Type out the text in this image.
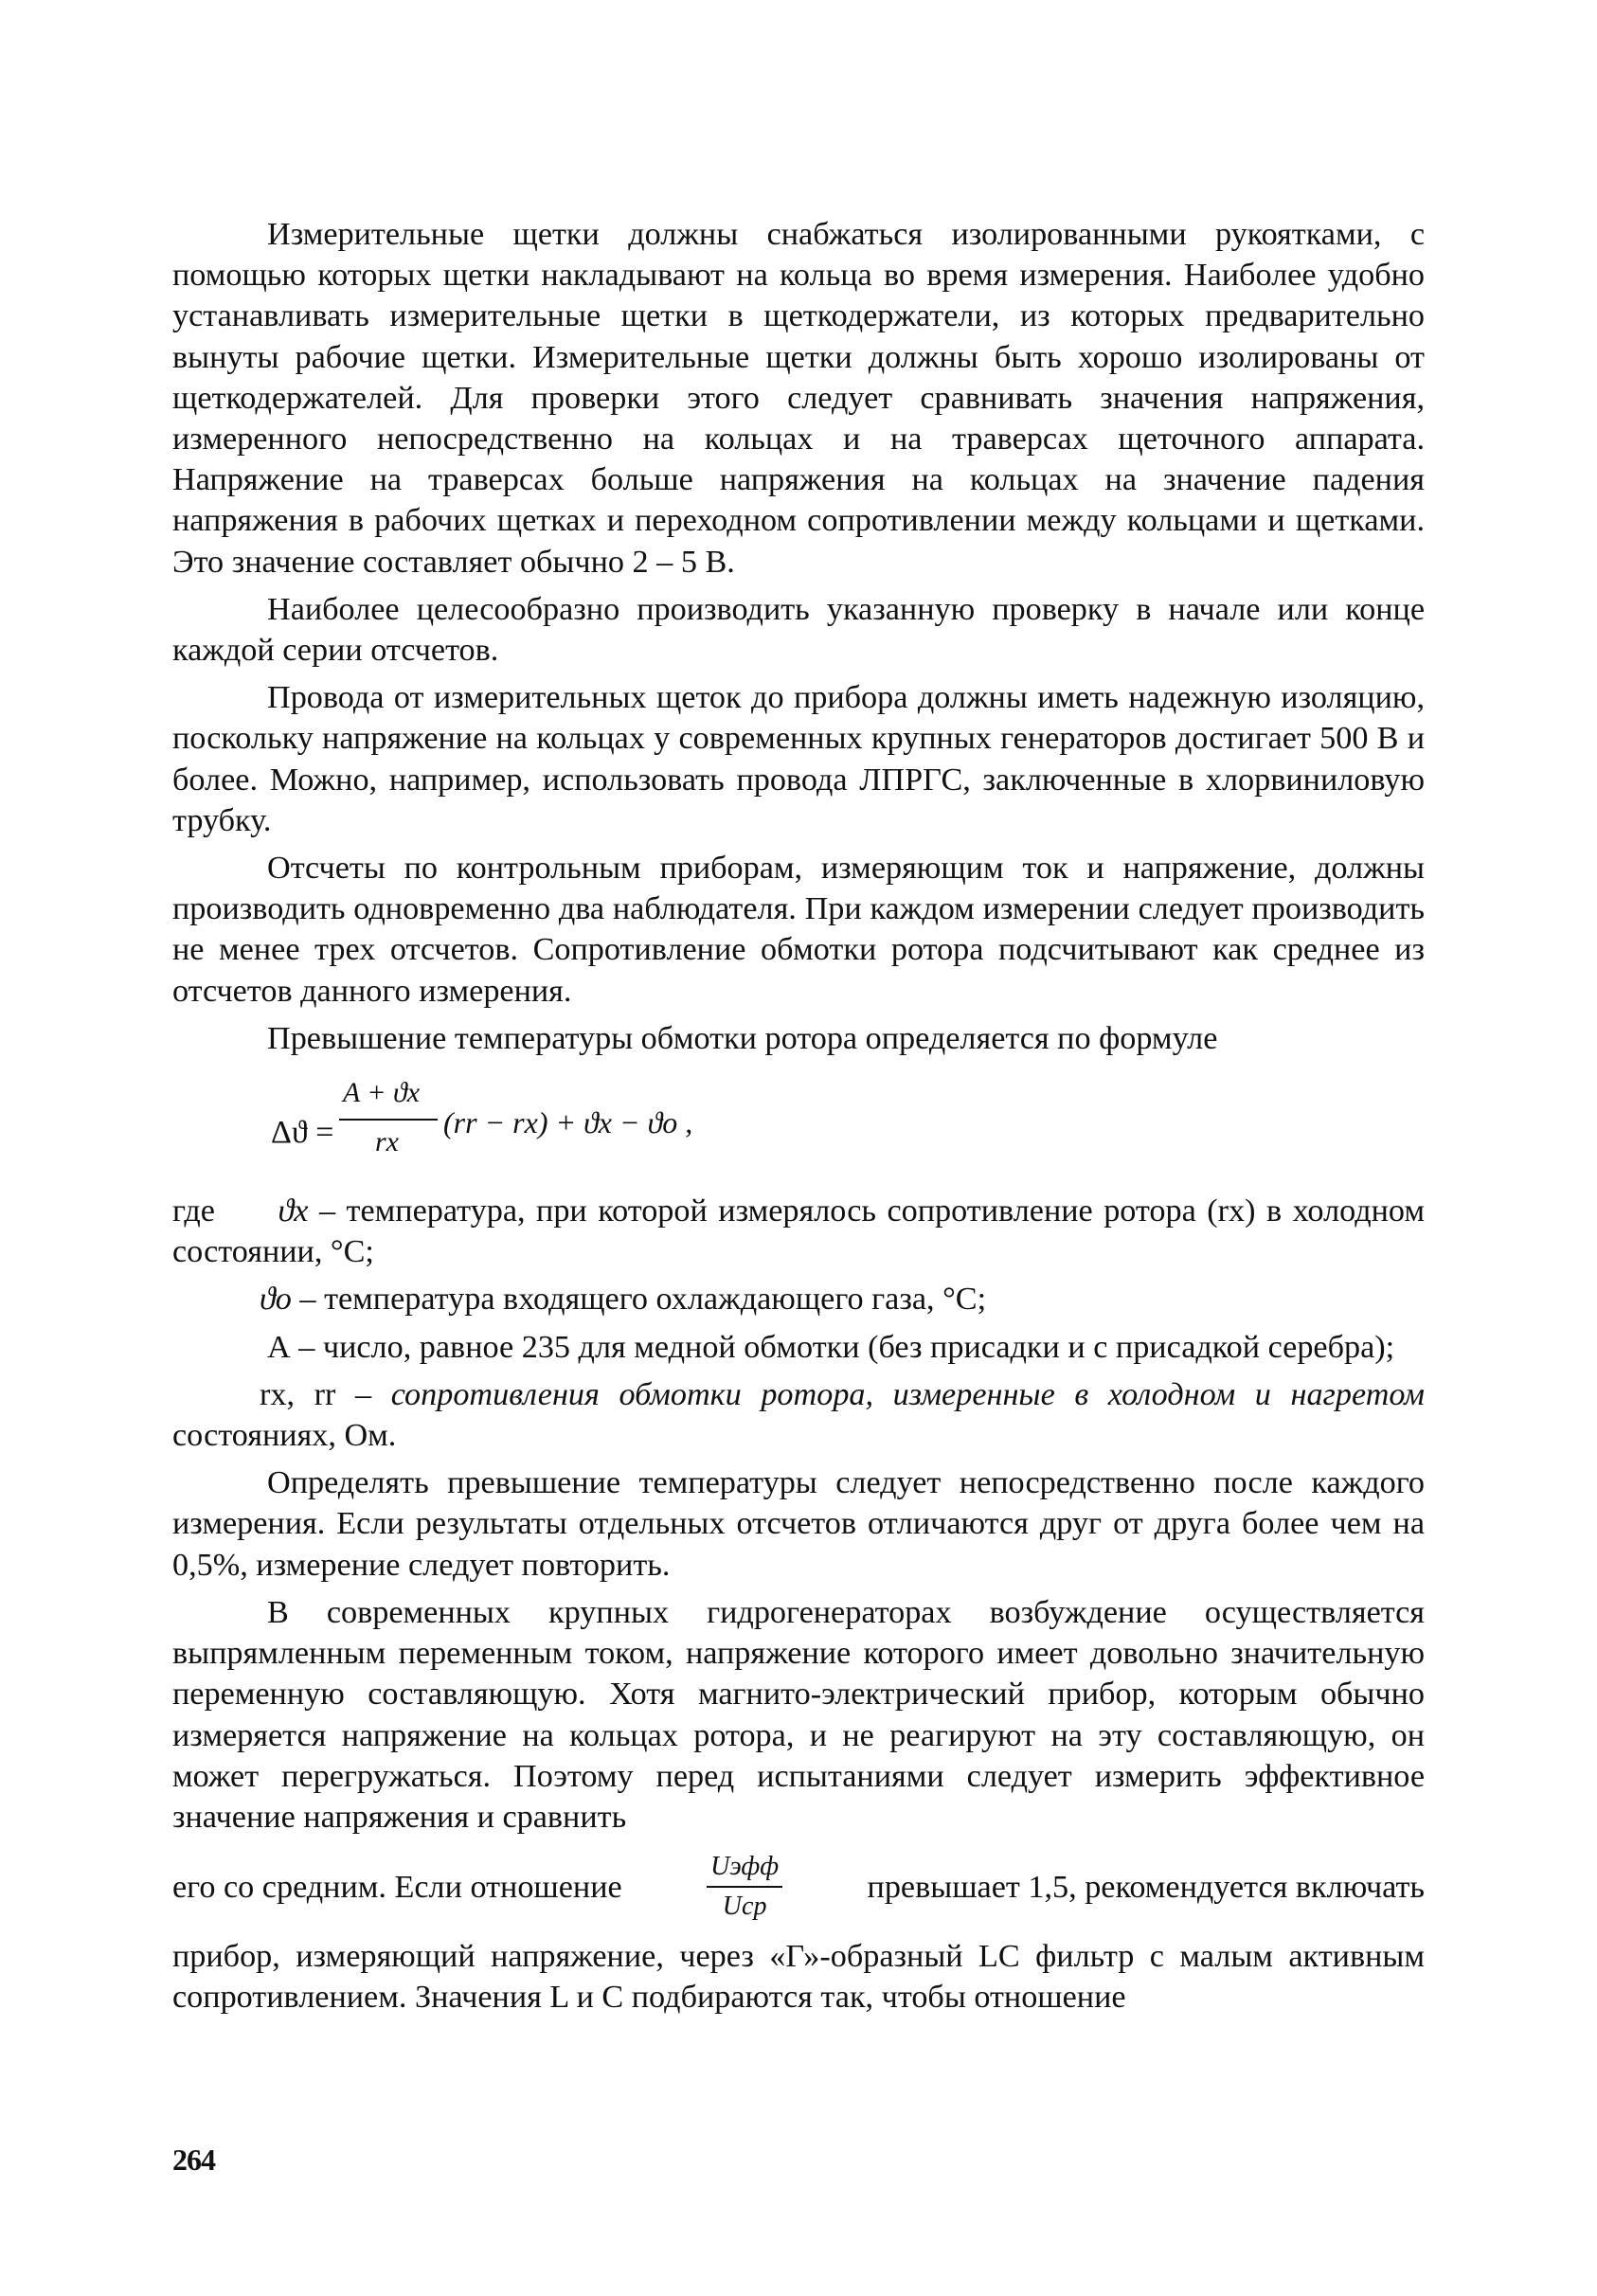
Измерительные щетки должны снабжаться изолированными рукоятками, с помощью которых щетки накладывают на кольца во время измерения. Наиболее удобно устанавливать измерительные щетки в щеткодержатели, из которых предварительно вынуты рабочие щетки. Измерительные щетки должны быть хорошо изолированы от щеткодержателей. Для проверки этого следует сравнивать значения напряжения, измеренного непосредственно на кольцах и на траверсах щеточного аппарата. Напряжение на траверсах больше напряжения на кольцах на значение падения напряжения в рабочих щетках и переходном сопротивлении между кольцами и щетками. Это значение составляет обычно 2 – 5 В.

Наиболее целесообразно производить указанную проверку в начале или конце каждой серии отсчетов.

Провода от измерительных щеток до прибора должны иметь надежную изоляцию, поскольку напряжение на кольцах у современных крупных генераторов достигает 500 В и более. Можно, например, использовать провода ЛПРГС, заключенные в хлорвиниловую трубку.

Отсчеты по контрольным приборам, измеряющим ток и напряжение, должны производить одновременно два наблюдателя. При каждом измерении следует производить не менее трех отсчетов. Сопротивление обмотки ротора подсчитывают как среднее из отсчетов данного измерения.

Превышение температуры обмотки ротора определяется по формуле

Δϑ =
A + ϑx
rx
(rr − rx) + ϑx − ϑo ,

где ϑx – температура, при которой измерялось сопротивление ротора (rx) в холодном состоянии, °С;

ϑo – температура входящего охлаждающего газа, °С;

А – число, равное 235 для медной обмотки (без присадки и с присадкой серебра);

rx, rr – сопротивления обмотки ротора, измеренные в холодном и нагретом состояниях, Ом.

Определять превышение температуры следует непосредственно после каждого измерения. Если результаты отдельных отсчетов отличаются друг от друга более чем на 0,5%, измерение следует повторить.

В современных крупных гидрогенераторах возбуждение осуществляется выпрямленным переменным током, напряжение которого имеет довольно значительную переменную составляющую. Хотя магнито-электрический прибор, которым обычно измеряется напряжение на кольцах ротора, и не реагируют на эту составляющую, он может перегружаться. Поэтому перед испытаниями следует измерить эффективное значение напряжения и сравнить

его со средним. Если отношение	$\frac{\text{Uэфф}}{\text{Uср}}$	превышает 1,5, рекомендуется включать

прибор, измеряющий напряжение, через «Г»-образный LC фильтр с малым активным сопротивлением. Значения L и С подбираются так, чтобы отношение

264
